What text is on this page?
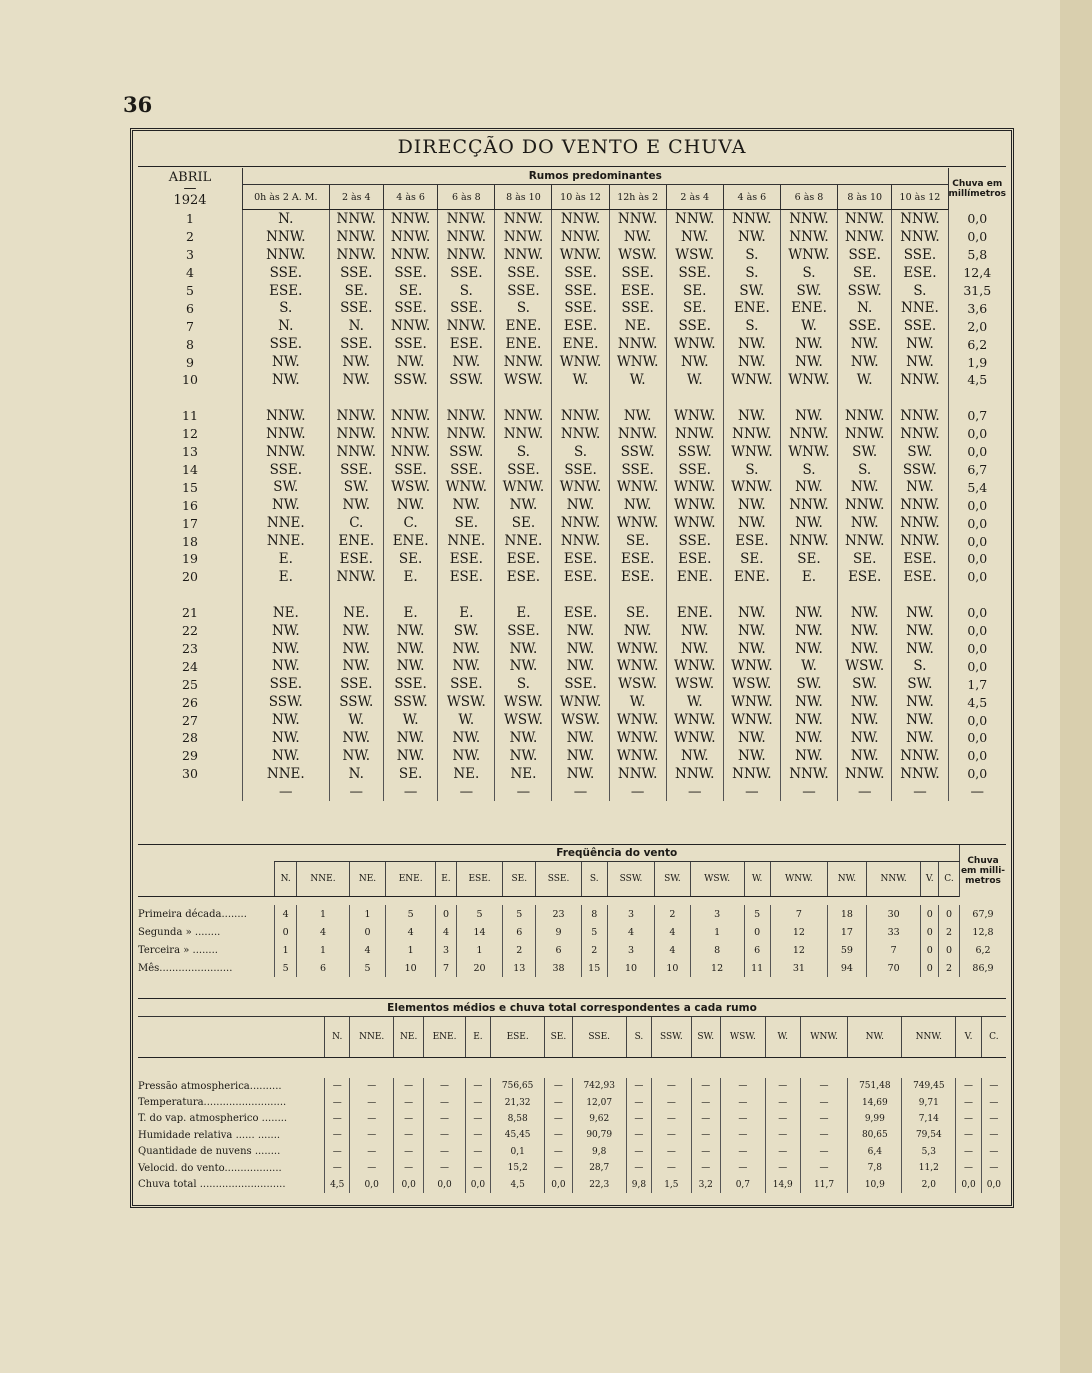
36
DIRECÇÃO DO VENTO E CHUVA
ABRIL
—
1924	Rumos predominantes												Chuva em millímetros
	0h às 2 A. M.	2 às 4	4 às 6	6 às 8	8 às 10	10 às 12	12h às 2	2 às 4	4 às 6	6 às 8	8 às 10	10 às 12	
1	N.	NNW.	NNW.	NNW.	NNW.	NNW.	NNW.	NNW.	NNW.	NNW.	NNW.	NNW.	0,0
2	NNW.	NNW.	NNW.	NNW.	NNW.	NNW.	NW.	NW.	NW.	NNW.	NNW.	NNW.	0,0
3	NNW.	NNW.	NNW.	NNW.	NNW.	WNW.	WSW.	WSW.	S.	WNW.	SSE.	SSE.	5,8
4	SSE.	SSE.	SSE.	SSE.	SSE.	SSE.	SSE.	SSE.	S.	S.	SE.	ESE.	12,4
5	ESE.	SE.	SE.	S.	SSE.	SSE.	ESE.	SE.	SW.	SW.	SSW.	S.	31,5
6	S.	SSE.	SSE.	SSE.	S.	SSE.	SSE.	SE.	ENE.	ENE.	N.	NNE.	3,6
7	N.	N.	NNW.	NNW.	ENE.	ESE.	NE.	SSE.	S.	W.	SSE.	SSE.	2,0
8	SSE.	SSE.	SSE.	ESE.	ENE.	ENE.	NNW.	WNW.	NW.	NW.	NW.	NW.	6,2
9	NW.	NW.	NW.	NW.	NNW.	WNW.	WNW.	NW.	NW.	NW.	NW.	NW.	1,9
10	NW.	NW.	SSW.	SSW.	WSW.	W.	W.	W.	WNW.	WNW.	W.	NNW.	4,5

11	NNW.	NNW.	NNW.	NNW.	NNW.	NNW.	NW.	WNW.	NW.	NW.	NNW.	NNW.	0,7
12	NNW.	NNW.	NNW.	NNW.	NNW.	NNW.	NNW.	NNW.	NNW.	NNW.	NNW.	NNW.	0,0
13	NNW.	NNW.	NNW.	SSW.	S.	S.	SSW.	SSW.	WNW.	WNW.	SW.	SW.	0,0
14	SSE.	SSE.	SSE.	SSE.	SSE.	SSE.	SSE.	SSE.	S.	S.	S.	SSW.	6,7
15	SW.	SW.	WSW.	WNW.	WNW.	WNW.	WNW.	WNW.	WNW.	NW.	NW.	NW.	5,4
16	NW.	NW.	NW.	NW.	NW.	NW.	NW.	WNW.	NW.	NNW.	NNW.	NNW.	0,0
17	NNE.	C.	C.	SE.	SE.	NNW.	WNW.	WNW.	NW.	NW.	NW.	NNW.	0,0
18	NNE.	ENE.	ENE.	NNE.	NNE.	NNW.	SE.	SSE.	ESE.	NNW.	NNW.	NNW.	0,0
19	E.	ESE.	SE.	ESE.	ESE.	ESE.	ESE.	ESE.	SE.	SE.	SE.	ESE.	0,0
20	E.	NNW.	E.	ESE.	ESE.	ESE.	ESE.	ENE.	ENE.	E.	ESE.	ESE.	0,0

21	NE.	NE.	E.	E.	E.	ESE.	SE.	ENE.	NW.	NW.	NW.	NW.	0,0
22	NW.	NW.	NW.	SW.	SSE.	NW.	NW.	NW.	NW.	NW.	NW.	NW.	0,0
23	NW.	NW.	NW.	NW.	NW.	NW.	WNW.	NW.	NW.	NW.	NW.	NW.	0,0
24	NW.	NW.	NW.	NW.	NW.	NW.	WNW.	WNW.	WNW.	W.	WSW.	S.	0,0
25	SSE.	SSE.	SSE.	SSE.	S.	SSE.	WSW.	WSW.	WSW.	SW.	SW.	SW.	1,7
26	SSW.	SSW.	SSW.	WSW.	WSW.	WNW.	W.	W.	WNW.	NW.	NW.	NW.	4,5
27	NW.	W.	W.	W.	WSW.	WSW.	WNW.	WNW.	WNW.	NW.	NW.	NW.	0,0
28	NW.	NW.	NW.	NW.	NW.	NW.	WNW.	WNW.	NW.	NW.	NW.	NW.	0,0
29	NW.	NW.	NW.	NW.	NW.	NW.	WNW.	NW.	NW.	NW.	NW.	NNW.	0,0
30	NNE.	N.	SE.	NE.	NE.	NW.	NNW.	NNW.	NNW.	NNW.	NNW.	NNW.	0,0
	—	—	—	—	—	—	—	—	—	—	—	—	—
	Freqüência do vento																		Chuva em milli-metros
	N.	NNE.	NE.	ENE.	E.	ESE.	SE.	SSE.	S.	SSW.	SW.	WSW.	W.	WNW.	NW.	NNW.	V.	C.	

Primeira década........	4	1	1	5	0	5	5	23	8	3	2	3	5	7	18	30	0	0	67,9
Segunda » ........	0	4	0	4	4	14	6	9	5	4	4	1	0	12	17	33	0	2	12,8
Terceira » ........	1	1	4	1	3	1	2	6	2	3	4	8	6	12	59	7	0	0	6,2
Mês.......................	5	6	5	10	7	20	13	38	15	10	10	12	11	31	94	70	0	2	86,9
Elementos médios e chuva total correspondentes a cada rumo																		
	N.	NNE.	NE.	ENE.	E.	ESE.	SE.	SSE.	S.	SSW.	SW.	WSW.	W.	WNW.	NW.	NNW.	V.	C.

Pressão atmospherica..........	—	—	—	—	—	756,65	—	742,93	—	—	—	—	—	—	751,48	749,45	—	—
Temperatura..........................	—	—	—	—	—	21,32	—	12,07	—	—	—	—	—	—	14,69	9,71	—	—
T. do vap. atmospherico ........	—	—	—	—	—	8,58	—	9,62	—	—	—	—	—	—	9,99	7,14	—	—
Humidade relativa ...... .......	—	—	—	—	—	45,45	—	90,79	—	—	—	—	—	—	80,65	79,54	—	—
Quantidade de nuvens ........	—	—	—	—	—	0,1	—	9,8	—	—	—	—	—	—	6,4	5,3	—	—
Velocid. do vento..................	—	—	—	—	—	15,2	—	28,7	—	—	—	—	—	—	7,8	11,2	—	—
Chuva total ...........................	4,5	0,0	0,0	0,0	0,0	4,5	0,0	22,3	9,8	1,5	3,2	0,7	14,9	11,7	10,9	2,0	0,0	0,0
